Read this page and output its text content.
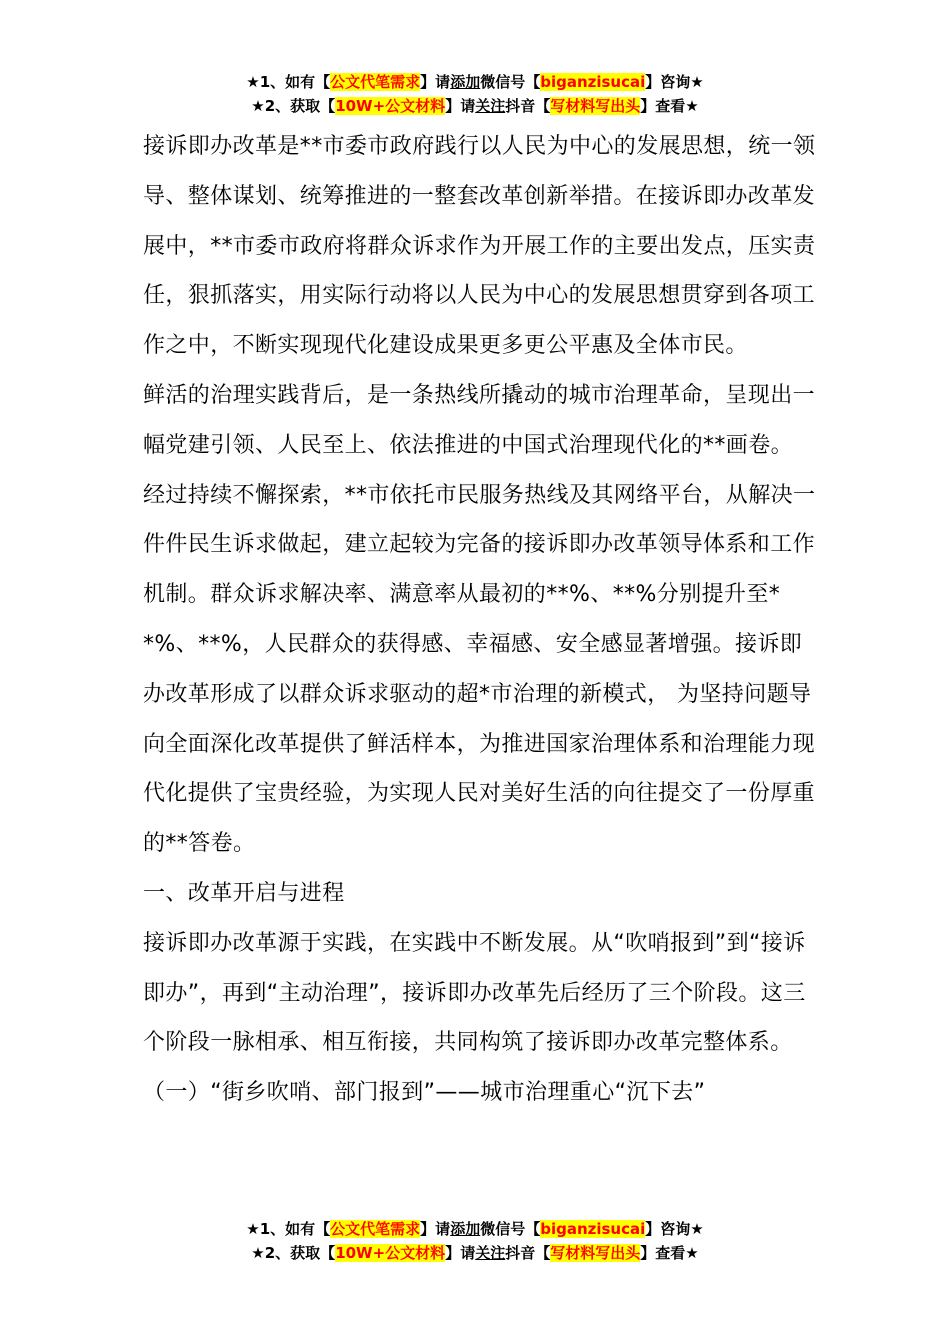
★1、如有【公文代笔需求】请添加微信号【biganzisucai】咨询★
★2、获取【10W+公文材料】请关注抖音【写材料写出头】查看★

接诉即办改革是**市委市政府践行以人民为中心的发展思想，统一领导、整体谋划、统筹推进的一整套改革创新举措。在接诉即办改革发展中，**市委市政府将群众诉求作为开展工作的主要出发点，压实责任，狠抓落实，用实际行动将以人民为中心的发展思想贯穿到各项工作之中，不断实现现代化建设成果更多更公平惠及全体市民。

鲜活的治理实践背后，是一条热线所撬动的城市治理革命，呈现出一幅党建引领、人民至上、依法推进的中国式治理现代化的**画卷。

经过持续不懈探索，**市依托市民服务热线及其网络平台，从解决一件件民生诉求做起，建立起较为完备的接诉即办改革领导体系和工作机制。群众诉求解决率、满意率从最初的**%、**%分别提升至**%、**%，人民群众的获得感、幸福感、安全感显著增强。接诉即办改革形成了以群众诉求驱动的超*市治理的新模式， 为坚持问题导向全面深化改革提供了鲜活样本，为推进国家治理体系和治理能力现代化提供了宝贵经验，为实现人民对美好生活的向往提交了一份厚重的**答卷。

一、改革开启与进程

接诉即办改革源于实践，在实践中不断发展。从“吹哨报到”到“接诉即办”，再到“主动治理”，接诉即办改革先后经历了三个阶段。这三个阶段一脉相承、相互衔接，共同构筑了接诉即办改革完整体系。

（一）“街乡吹哨、部门报到”——城市治理重心“沉下去”

★1、如有【公文代笔需求】请添加微信号【biganzisucai】咨询★
★2、获取【10W+公文材料】请关注抖音【写材料写出头】查看★
